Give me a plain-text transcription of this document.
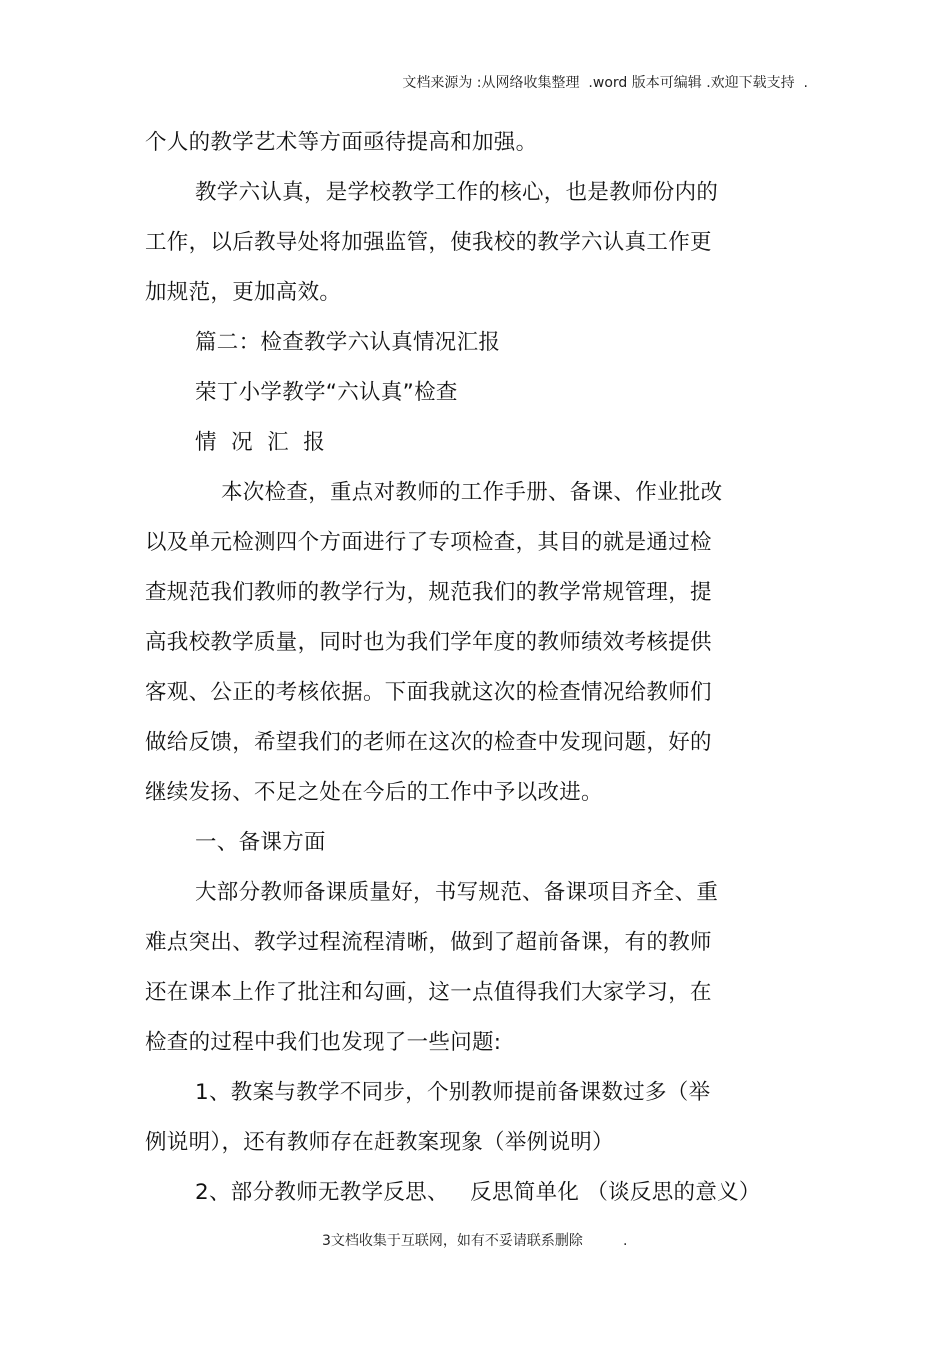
文档来源为 :从网络收集整理  .word 版本可编辑 .欢迎下载支持  .
个人的教学艺术等方面亟待提高和加强。
教学六认真，是学校教学工作的核心，也是教师份内的
工作，以后教导处将加强监管，使我校的教学六认真工作更
加规范，更加高效。
篇二：检查教学六认真情况汇报
荣丁小学教学“六认真”检查
情  况  汇  报
本次检查，重点对教师的工作手册、备课、作业批改
以及单元检测四个方面进行了专项检查，其目的就是通过检
查规范我们教师的教学行为，规范我们的教学常规管理，提
高我校教学质量，同时也为我们学年度的教师绩效考核提供
客观、公正的考核依据。下面我就这次的检查情况给教师们
做给反馈，希望我们的老师在这次的检查中发现问题，好的
继续发扬、不足之处在今后的工作中予以改进。
一、备课方面
大部分教师备课质量好，书写规范、备课项目齐全、重
难点突出、教学过程流程清晰，做到了超前备课，有的教师
还在课本上作了批注和勾画，这一点值得我们大家学习，在
检查的过程中我们也发现了一些问题:
1、教案与教学不同步，个别教师提前备课数过多（举
例说明），还有教师存在赶教案现象（举例说明）
2、部分教师无教学反思、   反思简单化 （谈反思的意义）
3文档收集于互联网，如有不妥请联系删除         .
